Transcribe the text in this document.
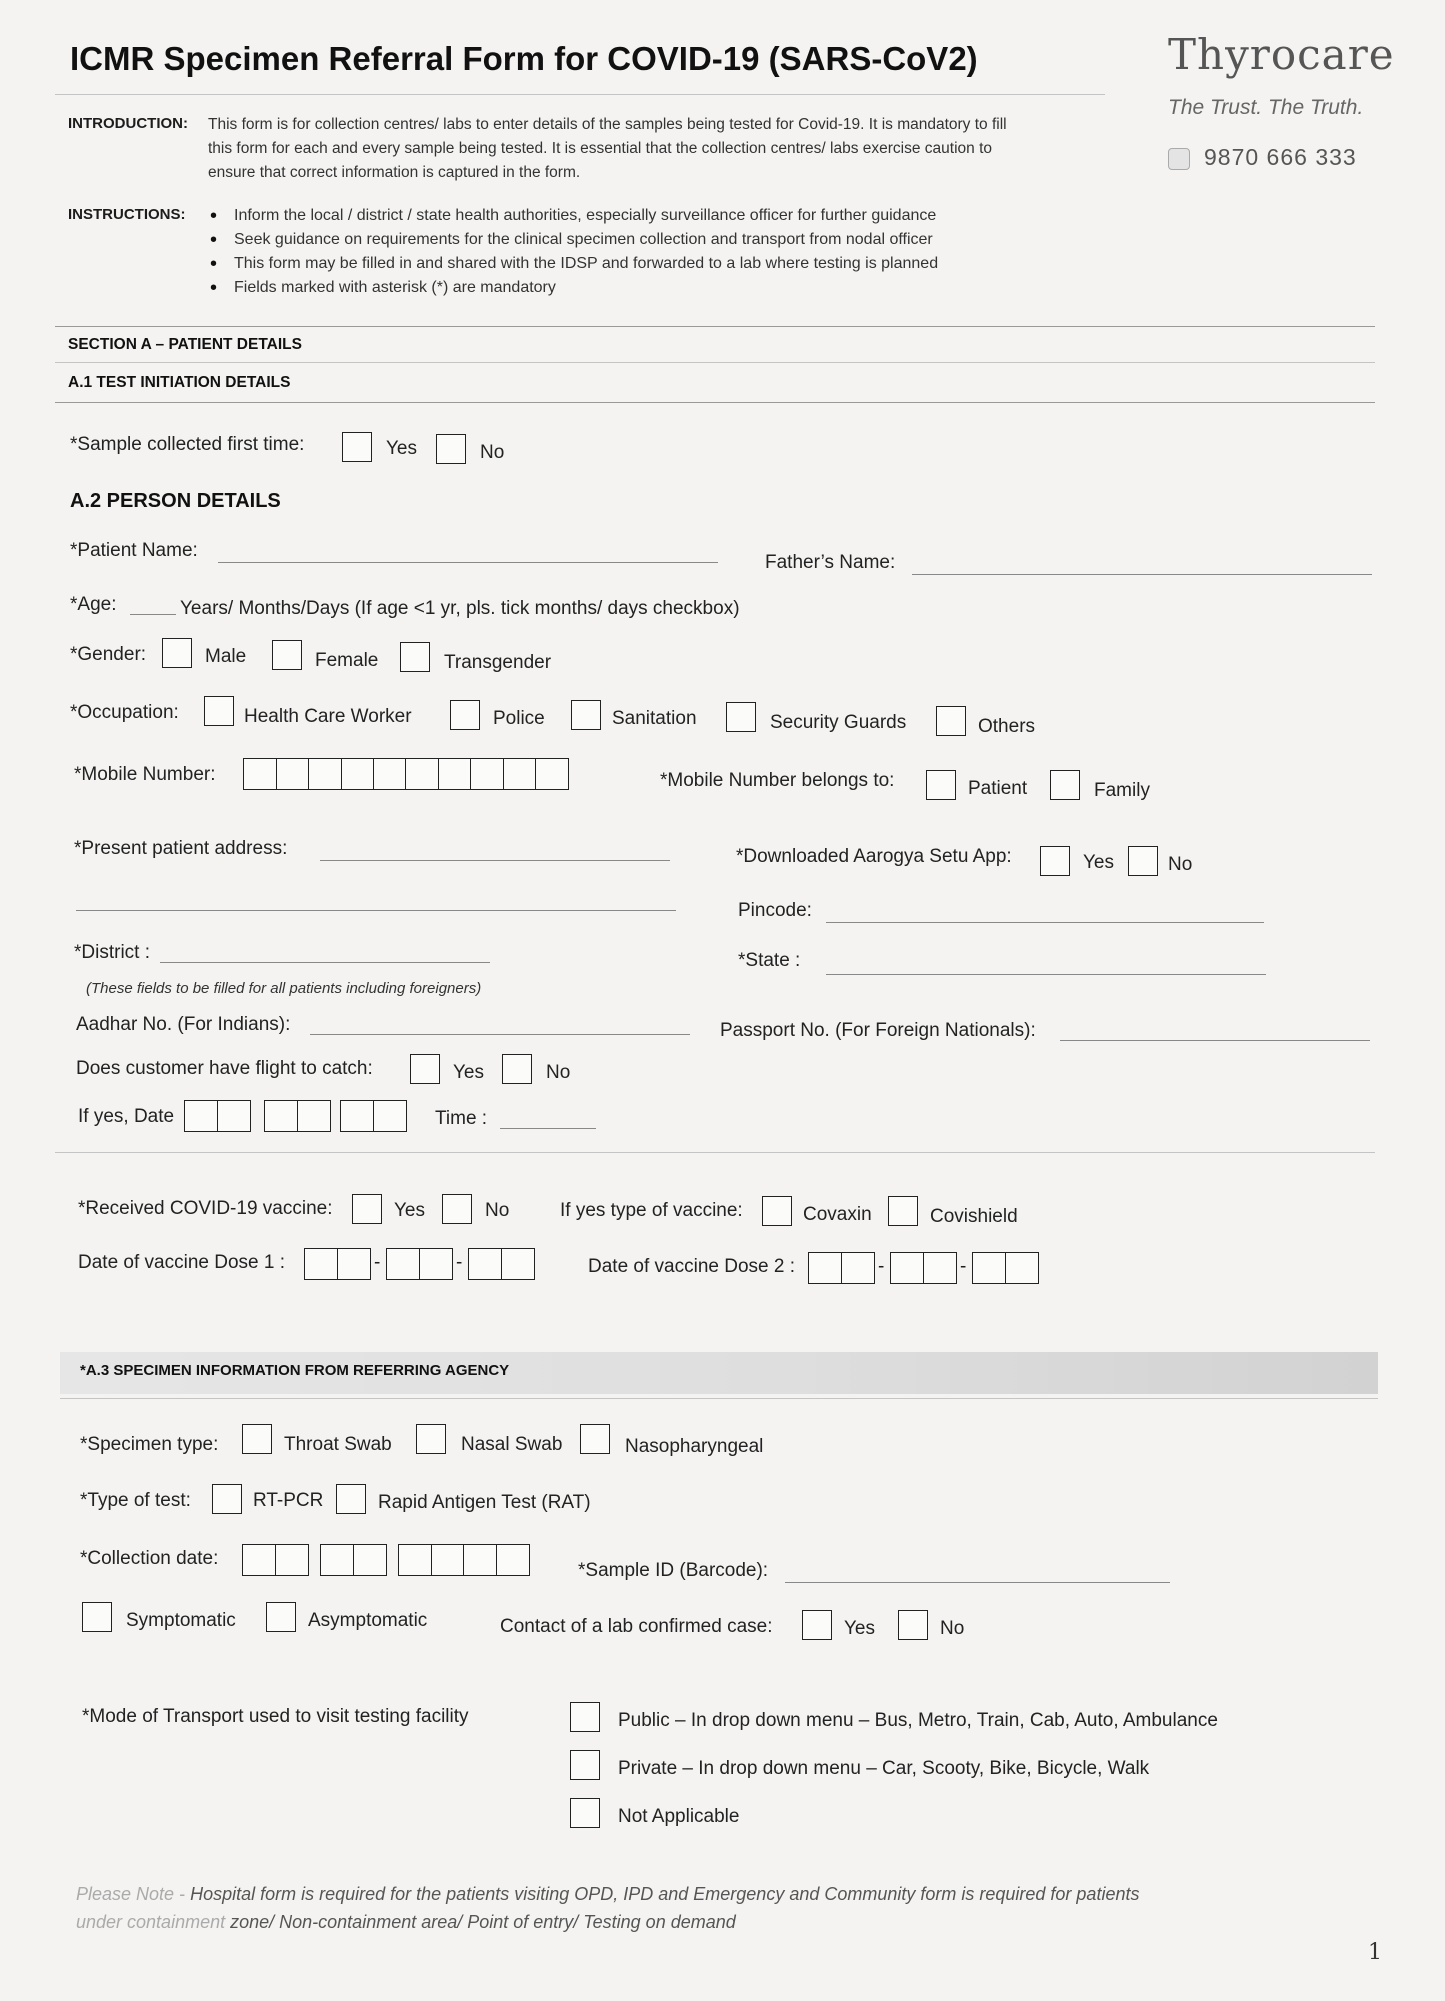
ICMR Specimen Referral Form for COVID-19 (SARS-CoV2)	Thyrocare
The Trust. The Truth.
9870 666 333
INTRODUCTION: This form is for collection centres/ labs to enter details of the samples being tested for Covid-19. It is mandatory to fill
this form for each and every sample being tested. It is essential that the collection centres/ labs exercise caution to
ensure that correct information is captured in the form.
INSTRUCTIONS:
•	Inform the local / district / state health authorities, especially surveillance officer for further guidance
• Seek guidance on requirements for the clinical specimen collection and transport from nodal officer
• This form may be filled in and shared with the IDSP and forwarded to a lab where testing is planned
• Fields marked with asterisk (*) are mandatory
SECTION A – PATIENT DETAILS
A.1 TEST INITIATION DETAILS
*Sample collected first time:	Yes	No
A.2 PERSON DETAILS
*Patient Name:
Father’s Name:
*Age:	Years/ Months/Days (If age <1 yr, pls. tick months/ days checkbox)
*Gender:	Male	Female	Transgender
*Occupation:	Health Care Worker	Police	Sanitation	Security Guards	Others
*Mobile Number:	*Mobile Number belongs to:	Patient	Family
*Present patient address:	*Downloaded Aarogya Setu App:	Yes	No
Pincode:
*District :	*State :
(These fields to be filled for all patients including foreigners)
Aadhar No. (For Indians):	Passport No. (For Foreign Nationals):
Does customer have flight to catch:	Yes	No
If yes, Date	Time :
*Received COVID-19 vaccine:	Yes	No	If yes type of vaccine:	Covaxin	Covishield
Date of vaccine Dose 1 :	-	-	Date of vaccine Dose 2 :	-	-
*A.3 SPECIMEN INFORMATION FROM REFERRING AGENCY
*Specimen type:	Throat Swab	Nasal Swab	Nasopharyngeal
*Type of test:	RT-PCR	Rapid Antigen Test (RAT)
*Collection date:
*Sample ID (Barcode):
Symptomatic	Asymptomatic	Contact of a lab confirmed case:	Yes	No
*Mode of Transport used to visit testing facility	Public – In drop down menu – Bus, Metro, Train, Cab, Auto, Ambulance
Private – In drop down menu – Car, Scooty, Bike, Bicycle, Walk
Not Applicable
Please Note - Hospital form is required for the patients visiting OPD, IPD and Emergency and Community form is required for patients
under containment zone/ Non-containment area/ Point of entry/ Testing on demand
1
